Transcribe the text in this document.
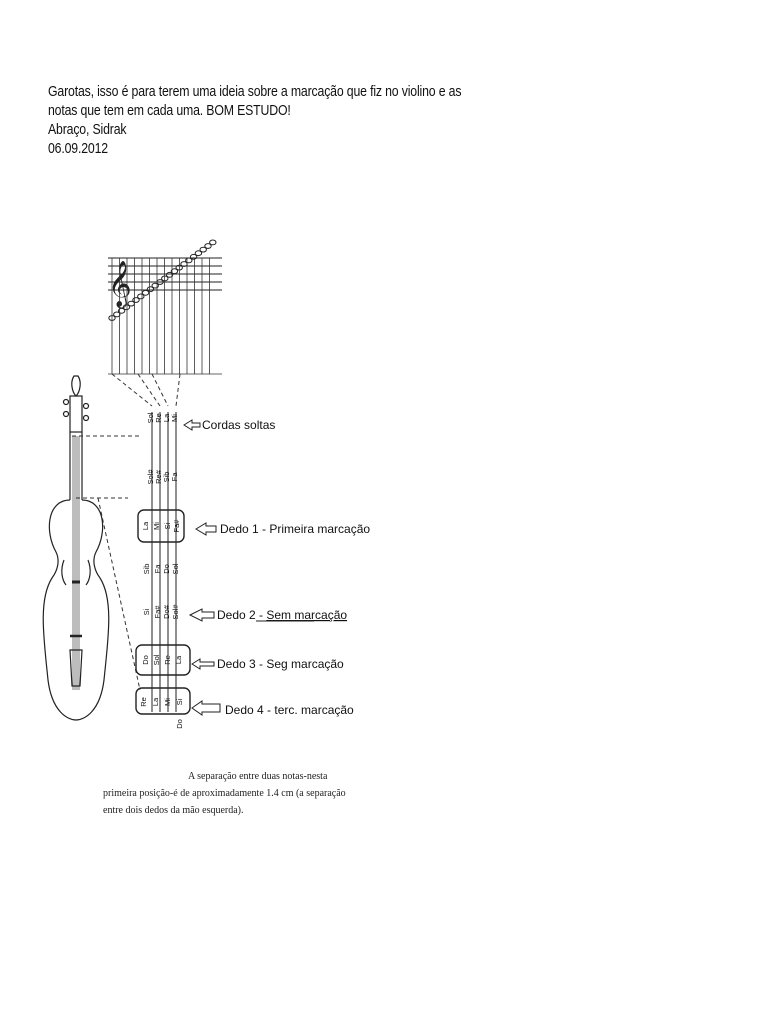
Garotas, isso é para terem uma ideia sobre a marcação que fiz no violino e as
notas que tem em cada uma. BOM ESTUDO!
Abraço, Sidrak
06.09.2012
𝄞
Sol Re La Mi
Sol# Re# Sib Fa
La Mi Si Fa#
Sib Fa Do Sol
Si Fa# Do# Sol#
Do Sol Re La
Re La Mi Si
Do
Cordas soltas
Dedo 1 - Primeira marcação
Dedo 2 - Sem marcação
Dedo 3 - Seg marcação
Dedo 4 - terc. marcação
A separação entre duas notas-nesta
primeira posição-é de aproximadamente 1.4 cm (a separação
entre dois dedos da mão esquerda).
